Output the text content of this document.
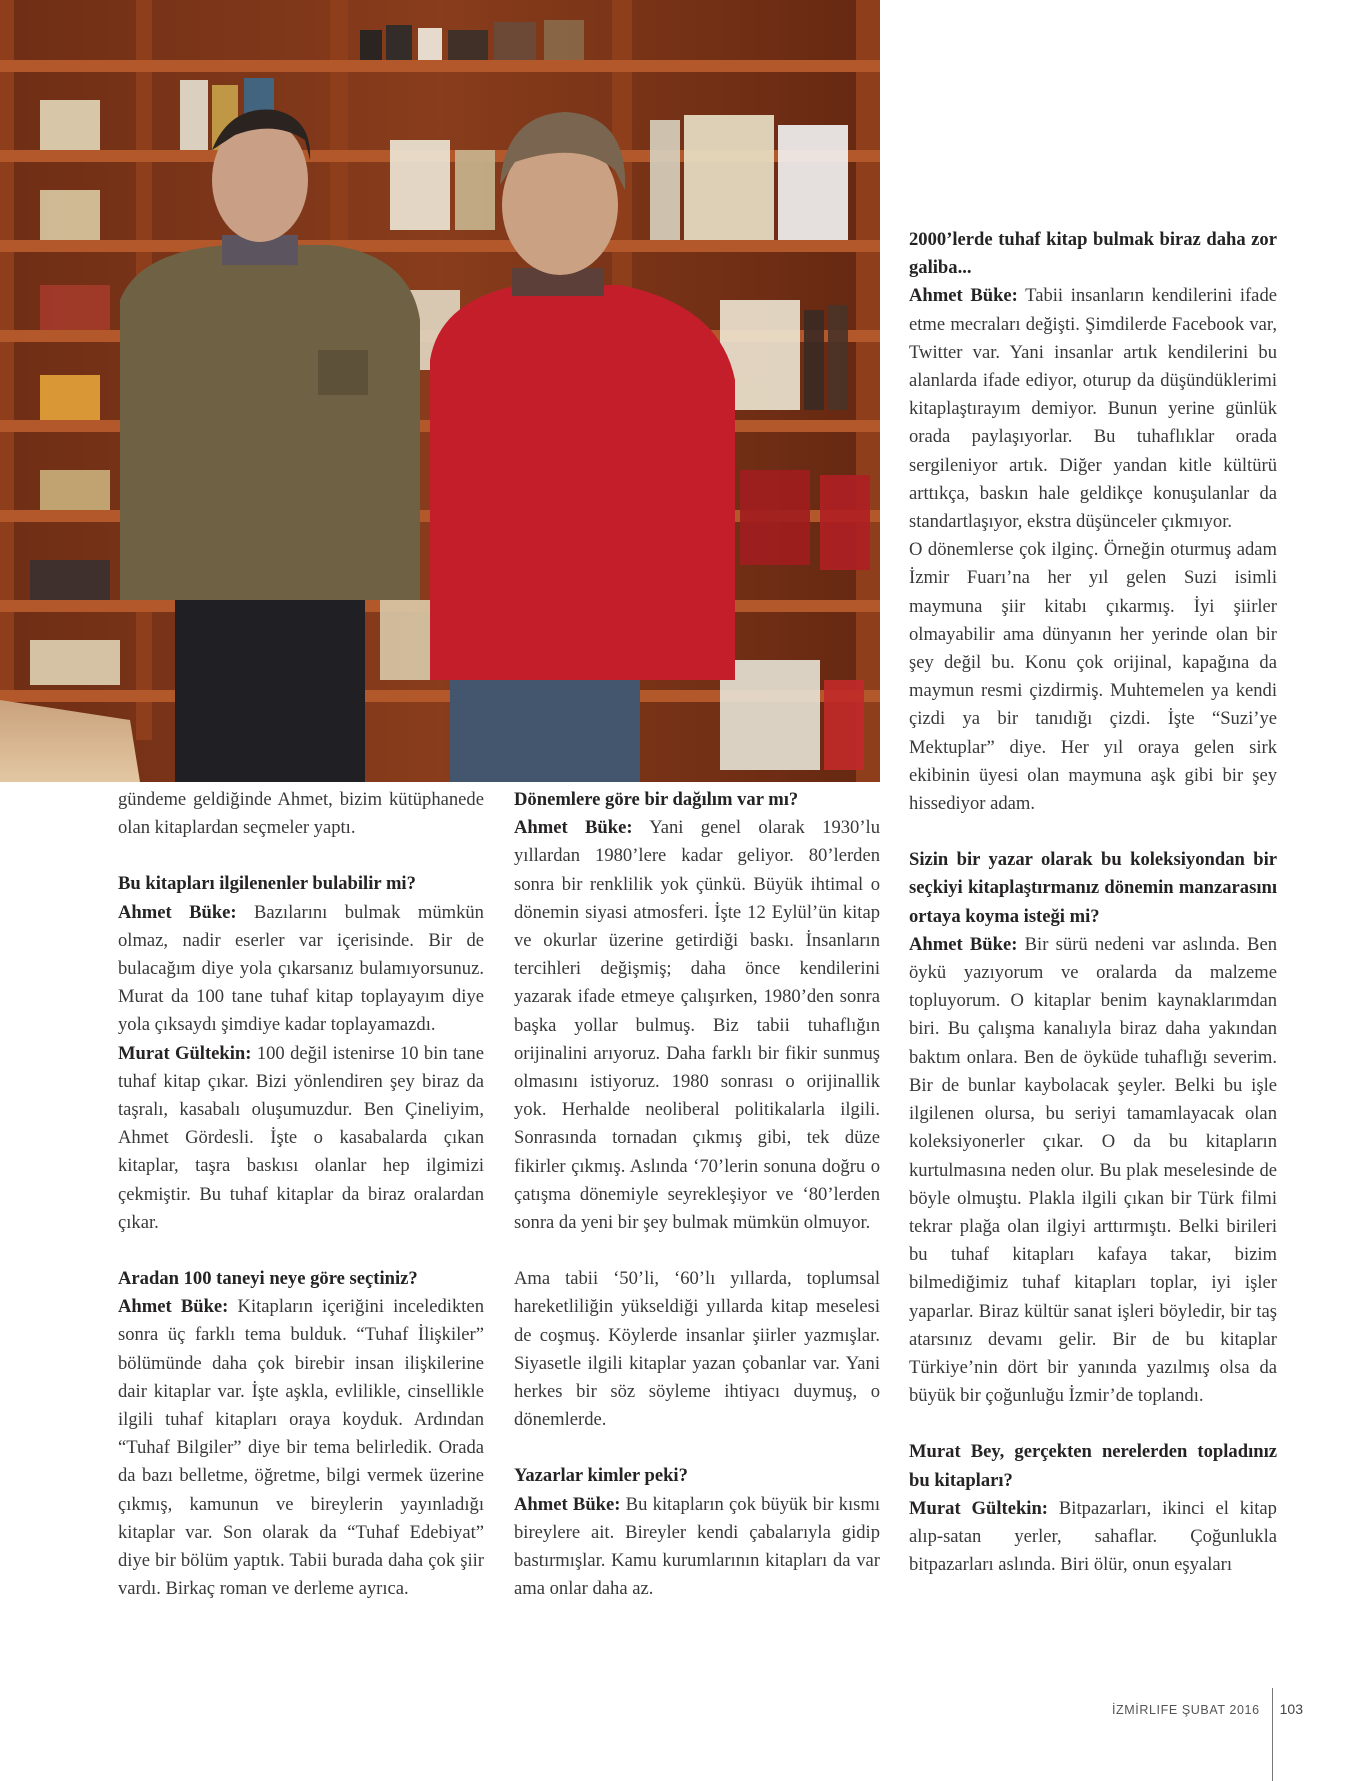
gündeme geldiğinde Ahmet, bizim kütüphanede olan kitaplardan seçmeler yaptı.

Bu kitapları ilgilenenler bulabilir mi?

Ahmet Büke: Bazılarını bulmak mümkün olmaz, nadir eserler var içerisinde. Bir de bulacağım diye yola çıkarsanız bulamıyorsunuz. Murat da 100 tane tuhaf kitap toplayayım diye yola çıksaydı şimdiye kadar toplayamazdı.

Murat Gültekin: 100 değil istenirse 10 bin tane tuhaf kitap çıkar. Bizi yönlendiren şey biraz da taşralı, kasabalı oluşumuzdur. Ben Çineliyim, Ahmet Gördesli. İşte o kasabalarda çıkan kitaplar, taşra baskısı olanlar hep ilgimizi çekmiştir. Bu tuhaf kitaplar da biraz oralardan çıkar.

Aradan 100 taneyi neye göre seçtiniz?

Ahmet Büke: Kitapların içeriğini inceledikten sonra üç farklı tema bulduk. “Tuhaf İlişkiler” bölümünde daha çok birebir insan ilişkilerine dair kitaplar var. İşte aşkla, evlilikle, cinsellikle ilgili tuhaf kitapları oraya koyduk. Ardından “Tuhaf Bilgiler” diye bir tema belirledik. Orada da bazı belletme, öğretme, bilgi vermek üzerine çıkmış, kamunun ve bireylerin yayınladığı kitaplar var. Son olarak da “Tuhaf Edebiyat” diye bir bölüm yaptık. Tabii burada daha çok şiir vardı. Birkaç roman ve derleme ayrıca.

Dönemlere göre bir dağılım var mı?

Ahmet Büke: Yani genel olarak 1930’lu yıllardan 1980’lere kadar geliyor. 80’lerden sonra bir renklilik yok çünkü. Büyük ihtimal o dönemin siyasi atmosferi. İşte 12 Eylül’ün kitap ve okurlar üzerine getirdiği baskı. İnsanların tercihleri değişmiş; daha önce kendilerini yazarak ifade etmeye çalışırken, 1980’den sonra başka yollar bulmuş. Biz tabii tuhaflığın orijinalini arıyoruz. Daha farklı bir fikir sunmuş olmasını istiyoruz. 1980 sonrası o orijinallik yok. Herhalde neoliberal politikalarla ilgili. Sonrasında tornadan çıkmış gibi, tek düze fikirler çıkmış. Aslında ‘70’lerin sonuna doğru o çatışma dönemiyle seyrekleşiyor ve ‘80’lerden sonra da yeni bir şey bulmak mümkün olmuyor.

Ama tabii ‘50’li, ‘60’lı yıllarda, toplumsal hareketliliğin yükseldiği yıllarda kitap meselesi de coşmuş. Köylerde insanlar şiirler yazmışlar. Siyasetle ilgili kitaplar yazan çobanlar var. Yani herkes bir söz söyleme ihtiyacı duymuş, o dönemlerde.

Yazarlar kimler peki?

Ahmet Büke: Bu kitapların çok büyük bir kısmı bireylere ait. Bireyler kendi çabalarıyla gidip bastırmışlar. Kamu kurumlarının kitapları da var ama onlar daha az.

2000’lerde tuhaf kitap bulmak biraz daha zor galiba...

Ahmet Büke: Tabii insanların kendilerini ifade etme mecraları değişti. Şimdilerde Facebook var, Twitter var. Yani insanlar artık kendilerini bu alanlarda ifade ediyor, oturup da düşündüklerimi kitaplaştırayım demiyor. Bunun yerine günlük orada paylaşıyorlar. Bu tuhaflıklar orada sergileniyor artık. Diğer yandan kitle kültürü arttıkça, baskın hale geldikçe konuşulanlar da standartlaşıyor, ekstra düşünceler çıkmıyor.

O dönemlerse çok ilginç. Örneğin oturmuş adam İzmir Fuarı’na her yıl gelen Suzi isimli maymuna şiir kitabı çıkarmış. İyi şiirler olmayabilir ama dünyanın her yerinde olan bir şey değil bu. Konu çok orijinal, kapağına da maymun resmi çizdirmiş. Muhtemelen ya kendi çizdi ya bir tanıdığı çizdi. İşte “Suzi’ye Mektuplar” diye. Her yıl oraya gelen sirk ekibinin üyesi olan maymuna aşk gibi bir şey hissediyor adam.

Sizin bir yazar olarak bu koleksiyondan bir seçkiyi kitaplaştırmanız dönemin manzarasını ortaya koyma isteği mi?

Ahmet Büke: Bir sürü nedeni var aslında. Ben öykü yazıyorum ve oralarda da malzeme topluyorum. O kitaplar benim kaynaklarımdan biri. Bu çalışma kanalıyla biraz daha yakından baktım onlara. Ben de öyküde tuhaflığı severim. Bir de bunlar kaybolacak şeyler. Belki bu işle ilgilenen olursa, bu seriyi tamamlayacak olan koleksiyonerler çıkar. O da bu kitapların kurtulmasına neden olur. Bu plak meselesinde de böyle olmuştu. Plakla ilgili çıkan bir Türk filmi tekrar plağa olan ilgiyi arttırmıştı. Belki birileri bu tuhaf kitapları kafaya takar, bizim bilmediğimiz tuhaf kitapları toplar, iyi işler yaparlar. Biraz kültür sanat işleri böyledir, bir taş atarsınız devamı gelir. Bir de bu kitaplar Türkiye’nin dört bir yanında yazılmış olsa da büyük bir çoğunluğu İzmir’de toplandı.

Murat Bey, gerçekten nerelerden topladınız bu kitapları?

Murat Gültekin: Bitpazarları, ikinci el kitap alıp-satan yerler, sahaflar. Çoğunlukla bitpazarları aslında. Biri ölür, onun eşyaları

İZMİRLIFE ŞUBAT 2016 103
